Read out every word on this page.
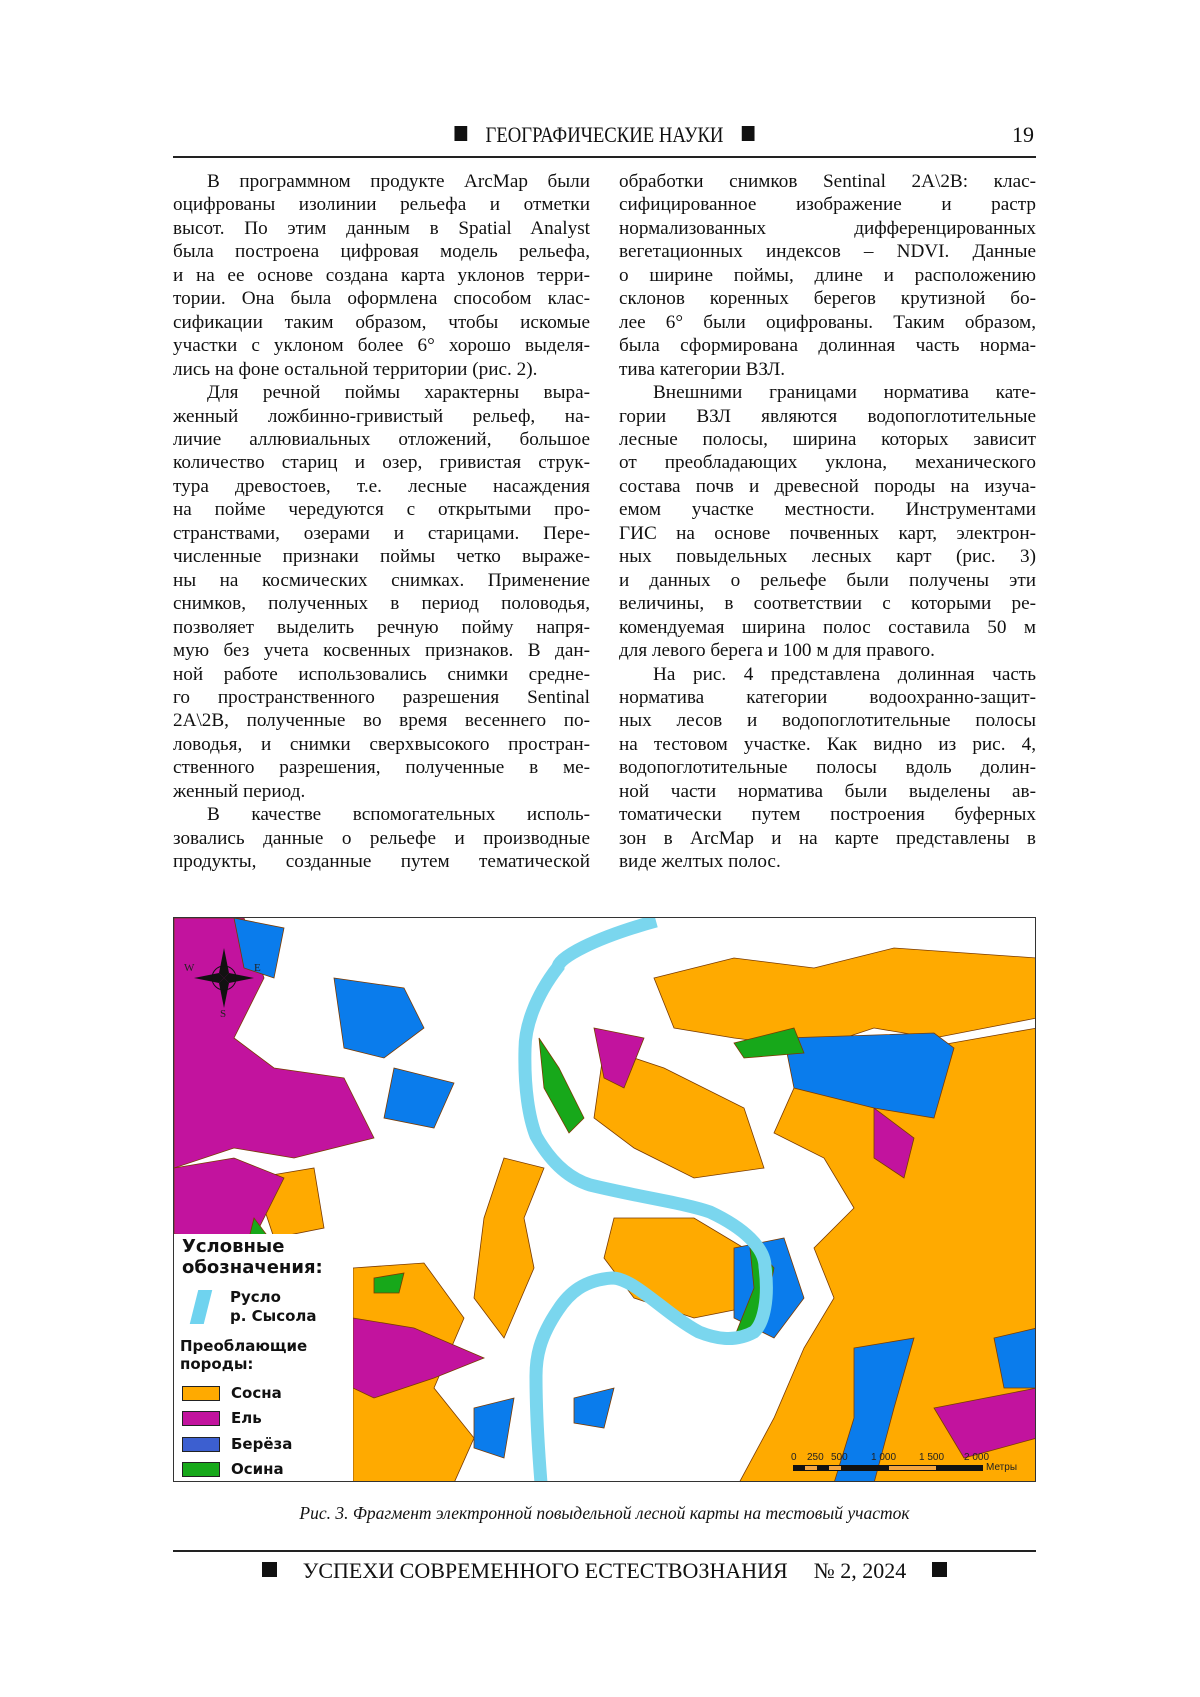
ГЕОГРАФИЧЕСКИЕ НАУКИ	19
В программном продукте ArcMap были
оцифрованы изолинии рельефа и отметки
высот. По этим данным в Spatial Analyst
была построена цифровая модель рельефа,
и на ее основе создана карта уклонов терри-
тории. Она была оформлена способом клас-
сификации таким образом, чтобы искомые
участки с уклоном более 6° хорошо выделя-
лись на фоне остальной территории (рис. 2).
Для речной поймы характерны выра-
женный ложбинно-гривистый рельеф, на-
личие аллювиальных отложений, большое
количество стариц и озер, гривистая струк-
тура древостоев, т.е. лесные насаждения
на пойме чередуются с открытыми про-
странствами, озерами и старицами. Пере-
численные признаки поймы четко выраже-
ны на космических снимках. Применение
снимков, полученных в период половодья,
позволяет выделить речную пойму напря-
мую без учета косвенных признаков. В дан-
ной работе использовались снимки средне-
го пространственного разрешения Sentinal
2A\2B, полученные во время весеннего по-
ловодья, и снимки сверхвысокого простран-
ственного разрешения, полученные в ме-
женный период.
В качестве вспомогательных исполь-
зовались данные о рельефе и производные
продукты, созданные путем тематической
обработки снимков Sentinal 2A\2B: клас-
сифицированное изображение и растр
нормализованных дифференцированных
вегетационных индексов – NDVI. Данные
о ширине поймы, длине и расположению
склонов коренных берегов крутизной бо-
лее 6° были оцифрованы. Таким образом,
была сформирована долинная часть норма-
тива категории ВЗЛ.
Внешними границами норматива кате-
гории ВЗЛ являются водопоглотительные
лесные полосы, ширина которых зависит
от преобладающих уклона, механического
состава почв и древесной породы на изуча-
емом участке местности. Инструментами
ГИС на основе почвенных карт, электрон-
ных повыдельных лесных карт (рис. 3)
и данных о рельефе были получены эти
величины, в соответствии с которыми ре-
комендуемая ширина полос составила 50 м
для левого берега и 100 м для правого.
На рис. 4 представлена долинная часть
норматива категории водоохранно-защит-
ных лесов и водопоглотительные полосы
на тестовом участке. Как видно из рис. 4,
водопоглотительные полосы вдоль долин-
ной части норматива были выделены ав-
томатически путем построения буферных
зон в ArcMap и на карте представлены в
виде желтых полос.
W	E
S
Условные обозначения:
Русло
р. Сысола
Преоблающие породы:
Сосна
Ель
Берёза
Осина
0 250 500 1 000 1 500 2 000
Метры
Рис. 3. Фрагмент электронной повыдельной лесной карты на тестовый участок
УСПЕХИ СОВРЕМЕННОГО ЕСТЕСТВОЗНАНИЯ № 2, 2024
